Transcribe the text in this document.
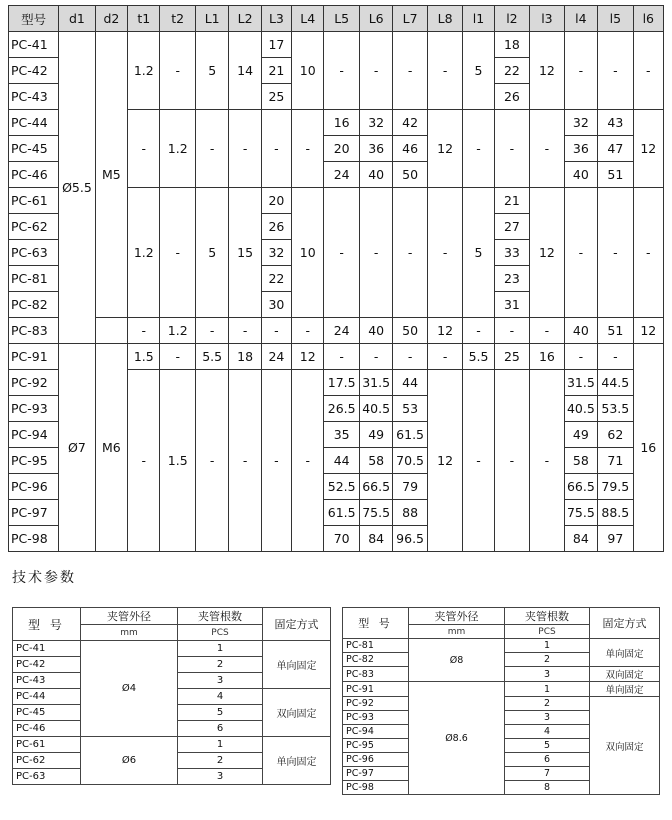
型号	d1	d2	t1	t2	L1	L2	L3	L4	L5	L6	L7	L8	l1	l2	l3	l4	l5	l6
PC-41	Ø5.5	M5	1.2	-	5	14	17	10	-	-	-	-	5	18	12	-	-	-
PC-42							21							22				
PC-43							25							26				
PC-44			-	1.2	-	-	-	-	16	32	42	12	-	-	-	32	43	12
PC-45									20	36	46					36	47	
PC-46									24	40	50					40	51	
PC-61			1.2	-	5	15	20	10	-	-	-	-	5	21	12	-	-	-
PC-62							26							27				
PC-63							32							33				
PC-81							22							23				
PC-82							30							31				
PC-83			-	1.2	-	-	-	-	24	40	50	12	-	-	-	40	51	12
PC-91	Ø7	M6	1.5	-	5.5	18	24	12	-	-	-	-	5.5	25	16	-	-	16
PC-92			-	1.5	-	-	-	-	17.5	31.5	44	12	-	-	-	31.5	44.5	
PC-93									26.5	40.5	53					40.5	53.5	
PC-94									35	49	61.5					49	62	
PC-95									44	58	70.5					58	71	
PC-96									52.5	66.5	79					66.5	79.5	
PC-97									61.5	75.5	88					75.5	88.5	
PC-98									70	84	96.5					84	97	
技术参数
型 号	夹管外径	夹管根数	固定方式
	mm	PCS	
PC-41	Ø4	1	单向固定
PC-42		2	
PC-43		3	
PC-44		4	双向固定
PC-45		5	
PC-46		6	
PC-61	Ø6	1	单向固定
PC-62		2	
PC-63		3	
型 号	夹管外径	夹管根数	固定方式
	mm	PCS	
PC-81	Ø8	1	单向固定
PC-82		2	
PC-83		3	双向固定
PC-91	Ø8.6	1	单向固定
PC-92		2	双向固定
PC-93		3	
PC-94		4	
PC-95		5	
PC-96		6	
PC-97		7	
PC-98		8	
